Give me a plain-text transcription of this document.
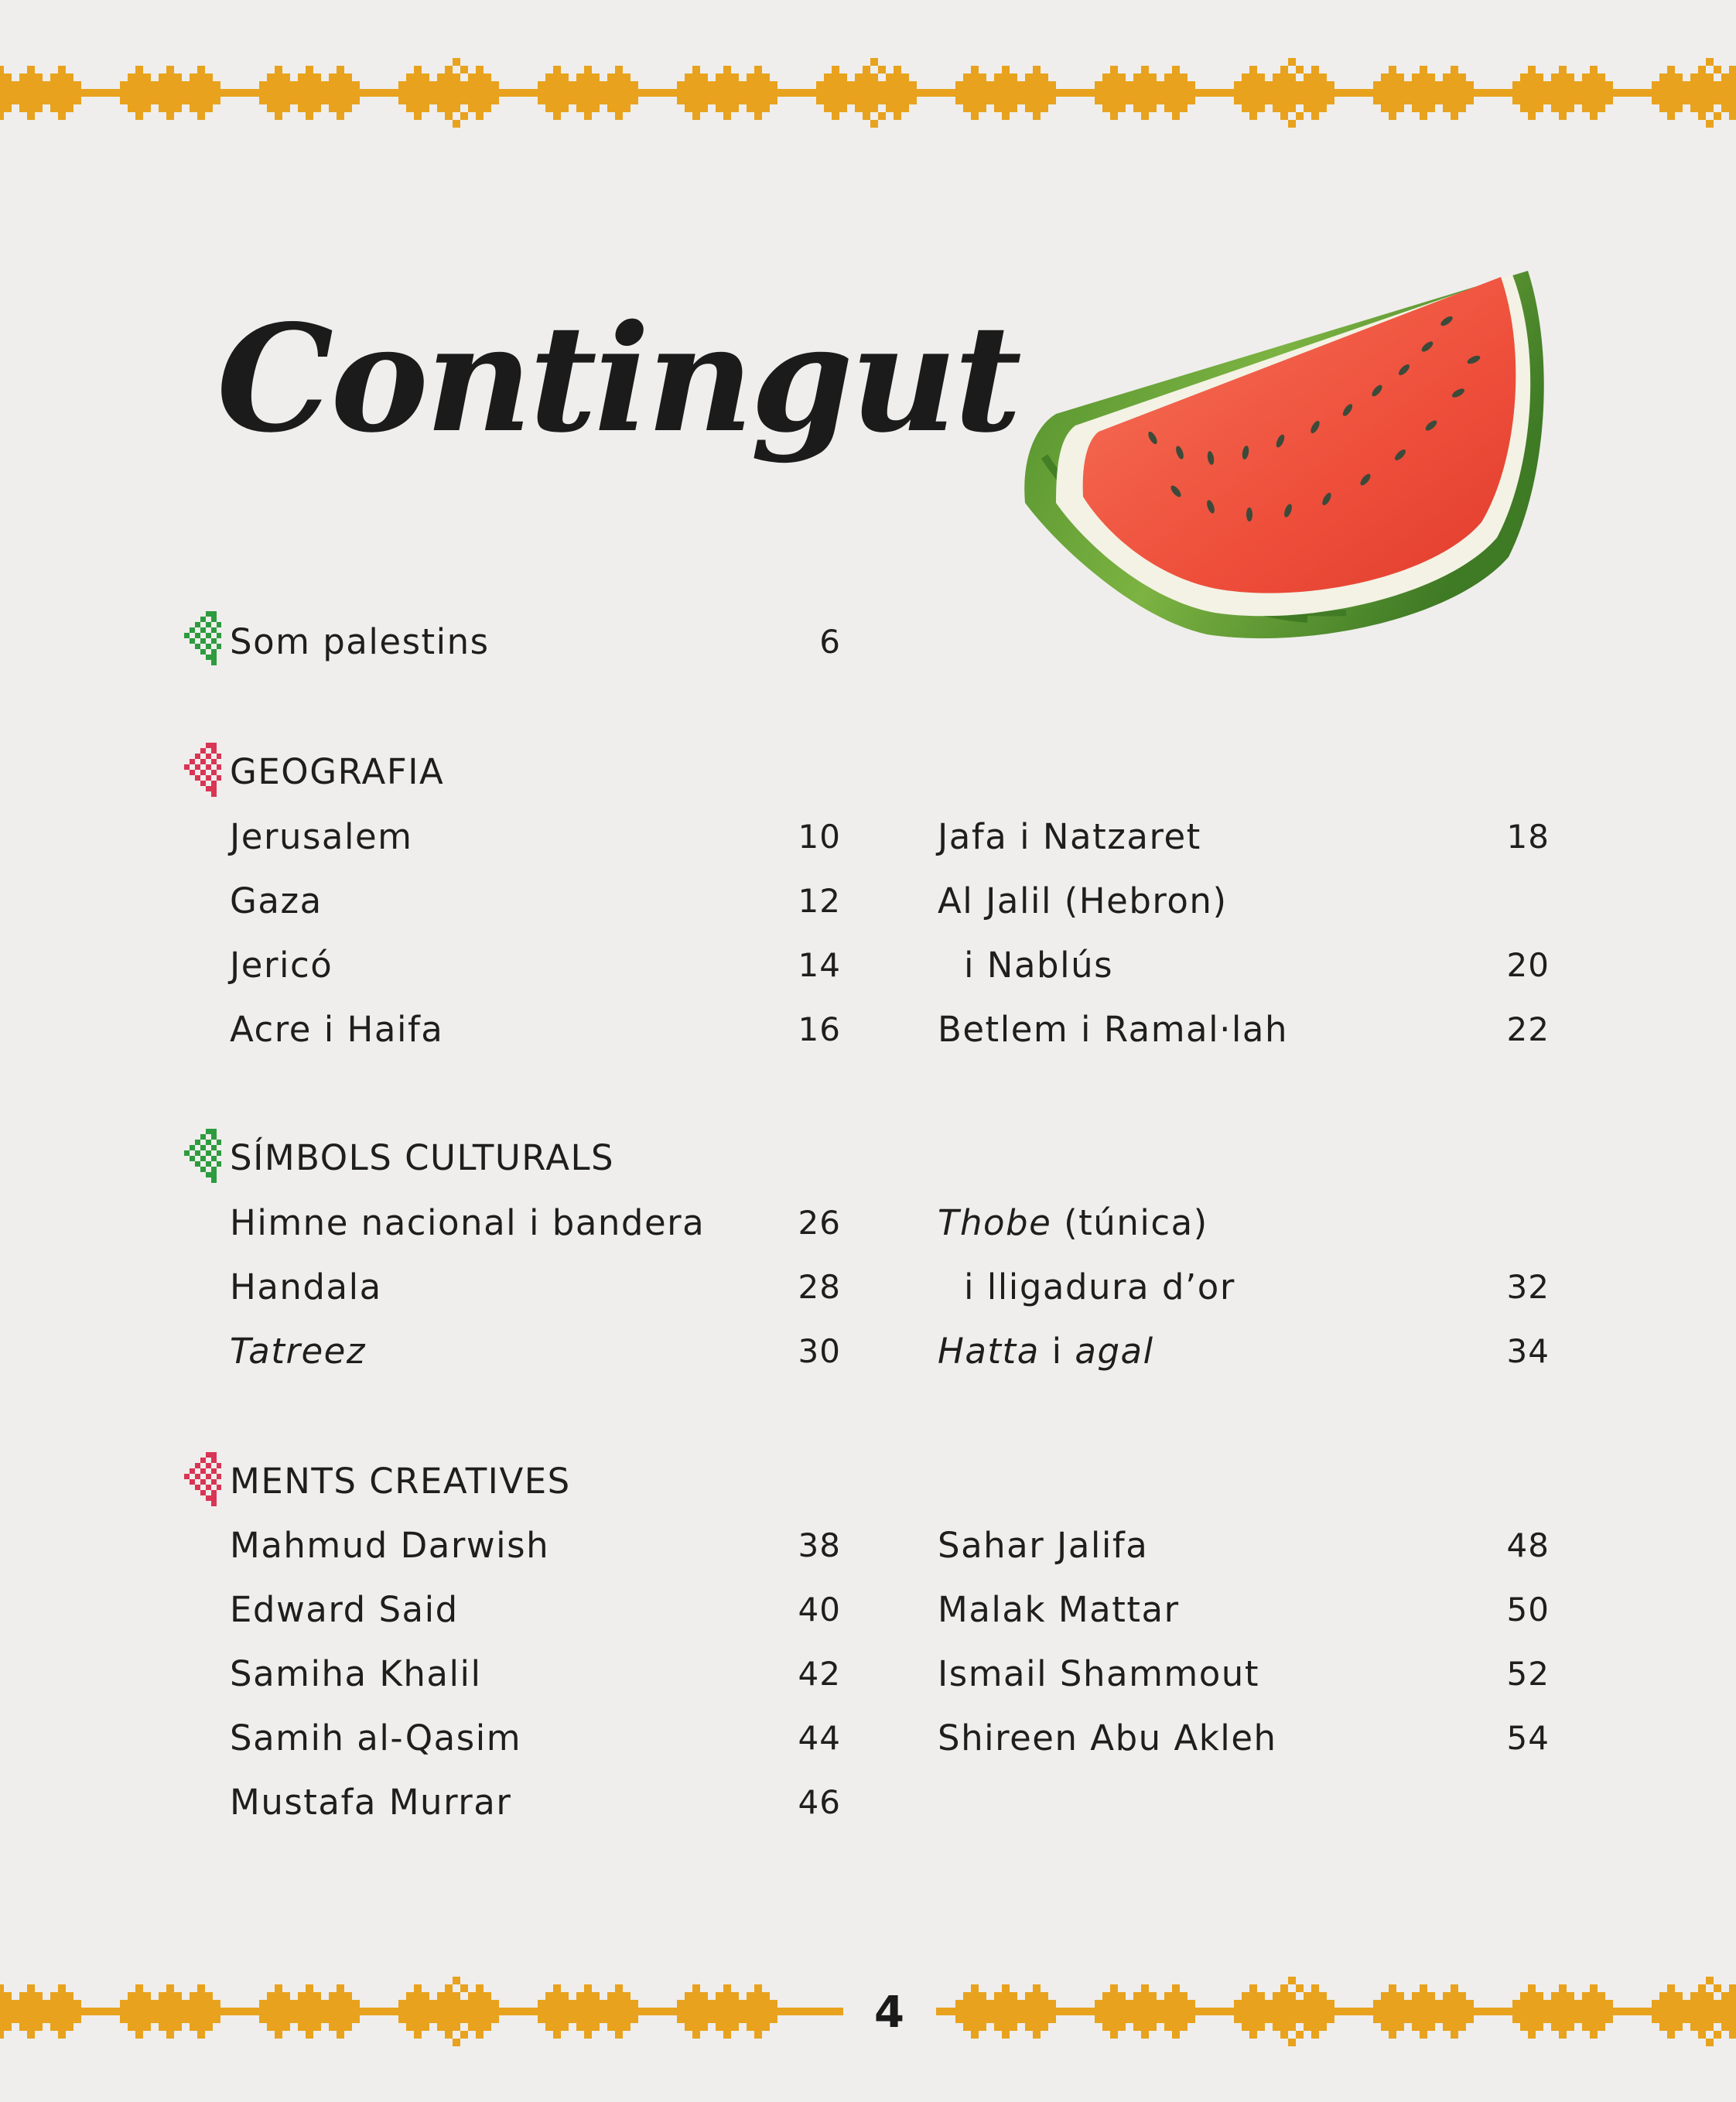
Contingut
Som palestins	6
GEOGRAFIA
Jerusalem	10
Gaza	12
Jericó	14
Acre i Haifa	16
Jafa i Natzaret	18
Al Jalil (Hebron)
i Nablús	20
Betlem i Ramal·lah	22
SÍMBOLS CULTURALS
Himne nacional i bandera	26
Handala	28
Tatreez	30
Thobe (túnica)
i lligadura d’or	32
Hatta i agal	34
MENTS CREATIVES
Mahmud Darwish	38
Edward Said	40
Samiha Khalil	42
Samih al-Qasim	44
Mustafa Murrar	46
Sahar Jalifa	48
Malak Mattar	50
Ismail Shammout	52
Shireen Abu Akleh	54
4
